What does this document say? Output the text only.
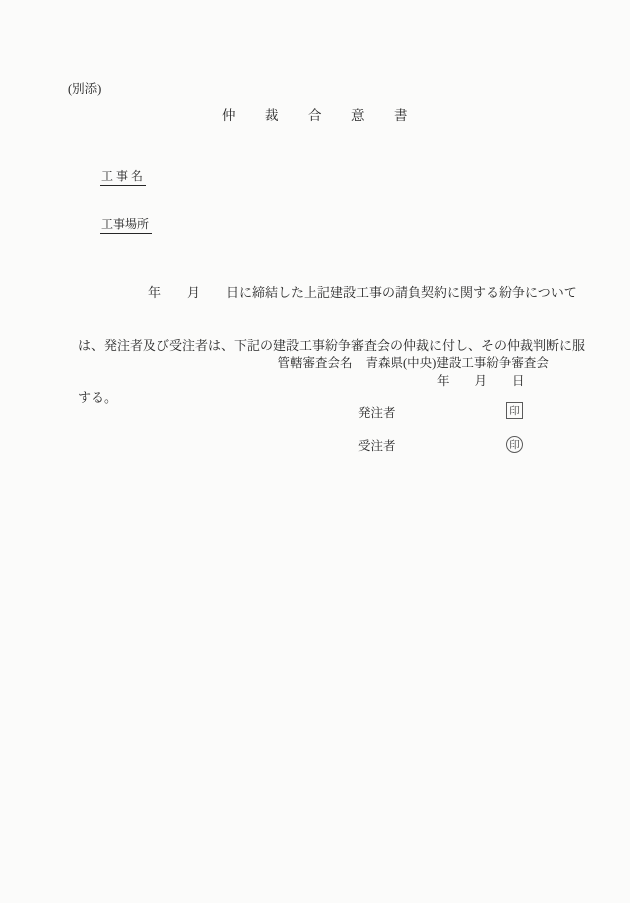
(別添)
仲裁合意書

工 事 名

工事場所

年　　月　　日に締結した上記建設工事の請負契約に関する紛争について

は、発注者及び受注者は、下記の建設工事紛争審査会の仲裁に付し、その仲裁判断に服

する。

管轄審査会名 青森県(中央)建設工事紛争審査会

年　　月　　日
発注者	印
受注者	印
